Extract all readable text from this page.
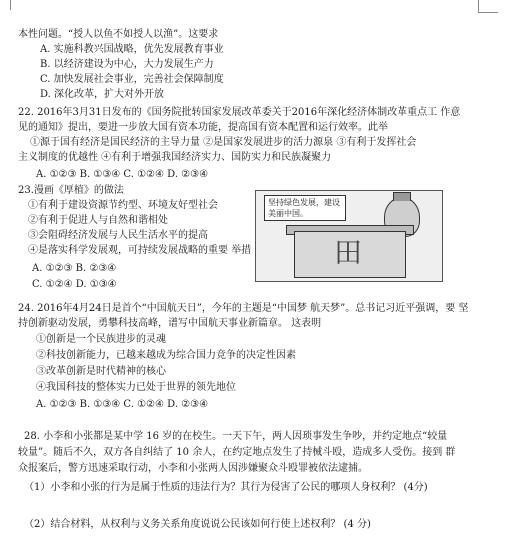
本性问题。“授人以鱼不如授人以渔”。这要求
A. 实施科教兴国战略，优先发展教育事业
B. 以经济建设为中心，大力发展生产力
C. 加快发展社会事业，完善社会保障制度
D. 深化改革，扩大对外开放
22. 2016年3月31日发布的《国务院批转国家发展改革委关于2016年深化经济体制改革重点工 作意
见的通知》提出，要进一步放大国有资本功能，提高国有资本配置和运行效率。此举
①源于国有经济是国民经济的主导力量 ②是国家发展进步的活力源泉 ③有利于发挥社会
主义制度的优越性 ④有利于增强我国经济实力、国防实力和民族凝聚力
A. ①②③ B. ①③④ C. ①②④ D. ②③④
23.漫画《厚植》的做法
①有利于建设资源节约型、环境友好型社会
②有利于促进人与自然和谐相处
③会阻碍经济发展与人民生活水平的提高
④是落实科学发展观，可持续发展战略的重要 举措
A. ①②③ B. ②③④
C. ①②④ D. ①③④
24. 2016年4月24日是首个“中国航天日”，今年的主题是“中国梦 航天梦”。总书记习近平强调，要 坚
持创新驱动发展，勇攀科技高峰，谱写中国航天事业新篇章。 这表明
①创新是一个民族进步的灵魂
②科技创新能力，已越来越成为综合国力竞争的决定性因素
③改革创新是时代精神的核心
④我国科技的整体实力已处于世界的领先地位
A. ①②③ B. ①③④ C. ①②④ D. ②③④
28. 小李和小张都是某中学 16 岁的在校生。一天下午，两人因琐事发生争吵，并约定地点“较量
较量”。随后不久，双方各自纠结了 10 余人，在约定地点发生了持械斗殴，造成多人受伤。接到 群
众报案后，警方迅速采取行动，小李和小张两人因涉嫌聚众斗殴罪被依法逮捕。
（1）小李和小张的行为是属于性质的违法行为？其行为侵害了公民的哪项人身权利？ (4分)
（2）结合材料，从权利与义务关系角度说说公民该如何行使上述权利？ (4 分)
坚持绿色发展，建设美丽中国。
田
